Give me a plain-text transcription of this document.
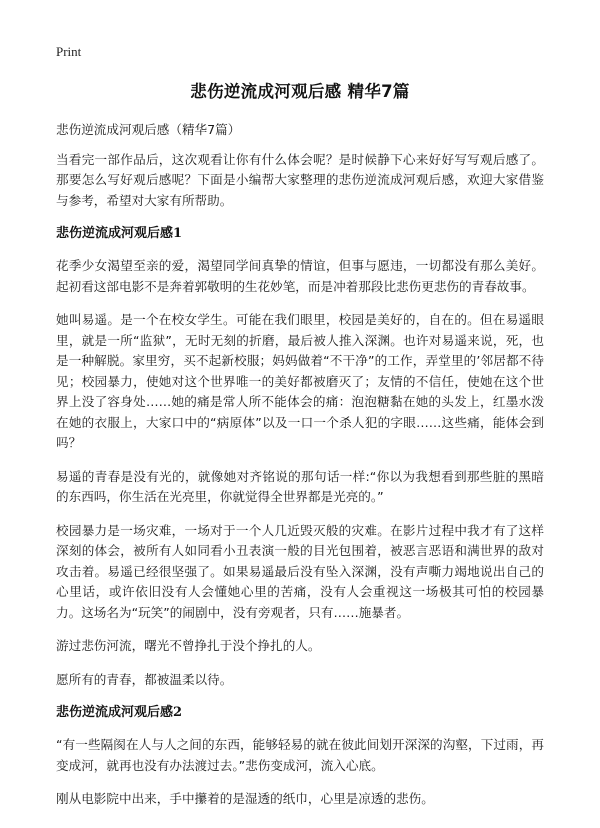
Print
悲伤逆流成河观后感 精华7篇

悲伤逆流成河观后感（精华7篇）

当看完一部作品后，这次观看让你有什么体会呢？是时候静下心来好好写写观后感了。那要怎么写好观后感呢？下面是小编帮大家整理的悲伤逆流成河观后感，欢迎大家借鉴与参考，希望对大家有所帮助。

悲伤逆流成河观后感1

花季少女渴望至亲的爱，渴望同学间真挚的情谊，但事与愿违，一切都没有那么美好。起初看这部电影不是奔着郭敬明的生花妙笔，而是冲着那段比悲伤更悲伤的青春故事。

她叫易遥。是一个在校女学生。可能在我们眼里，校园是美好的，自在的。但在易遥眼里，就是一所“监狱”，无时无刻的折磨，最后被人推入深渊。也许对易遥来说，死，也是一种解脱。家里穷，买不起新校服；妈妈做着“不干净”的工作，弄堂里的’邻居都不待见；校园暴力，使她对这个世界唯一的美好都被磨灭了；友情的不信任，使她在这个世界上没了容身处……她的痛是常人所不能体会的痛：泡泡糖黏在她的头发上，红墨水泼在她的衣服上，大家口中的“病原体”以及一口一个杀人犯的字眼……这些痛，能体会到吗？

易遥的青春是没有光的，就像她对齐铭说的那句话一样:“你以为我想看到那些脏的黑暗的东西吗，你生活在光亮里，你就觉得全世界都是光亮的。”

校园暴力是一场灾难，一场对于一个人几近毁灭般的灾难。在影片过程中我才有了这样深刻的体会，被所有人如同看小丑表演一般的目光包围着，被恶言恶语和满世界的敌对攻击着。易遥已经很坚强了。如果易遥最后没有坠入深渊，没有声嘶力竭地说出自己的心里话，或许依旧没有人会懂她心里的苦痛，没有人会重视这一场极其可怕的校园暴力。这场名为“玩笑”的闹剧中，没有旁观者，只有……施暴者。

游过悲伤河流，曙光不曾挣扎于没个挣扎的人。

愿所有的青春，都被温柔以待。

悲伤逆流成河观后感2

“有一些隔阂在人与人之间的东西，能够轻易的就在彼此间划开深深的沟壑，下过雨，再变成河，就再也没有办法渡过去。”悲伤变成河，流入心底。

刚从电影院中出来，手中攥着的是湿透的纸巾，心里是凉透的悲伤。
